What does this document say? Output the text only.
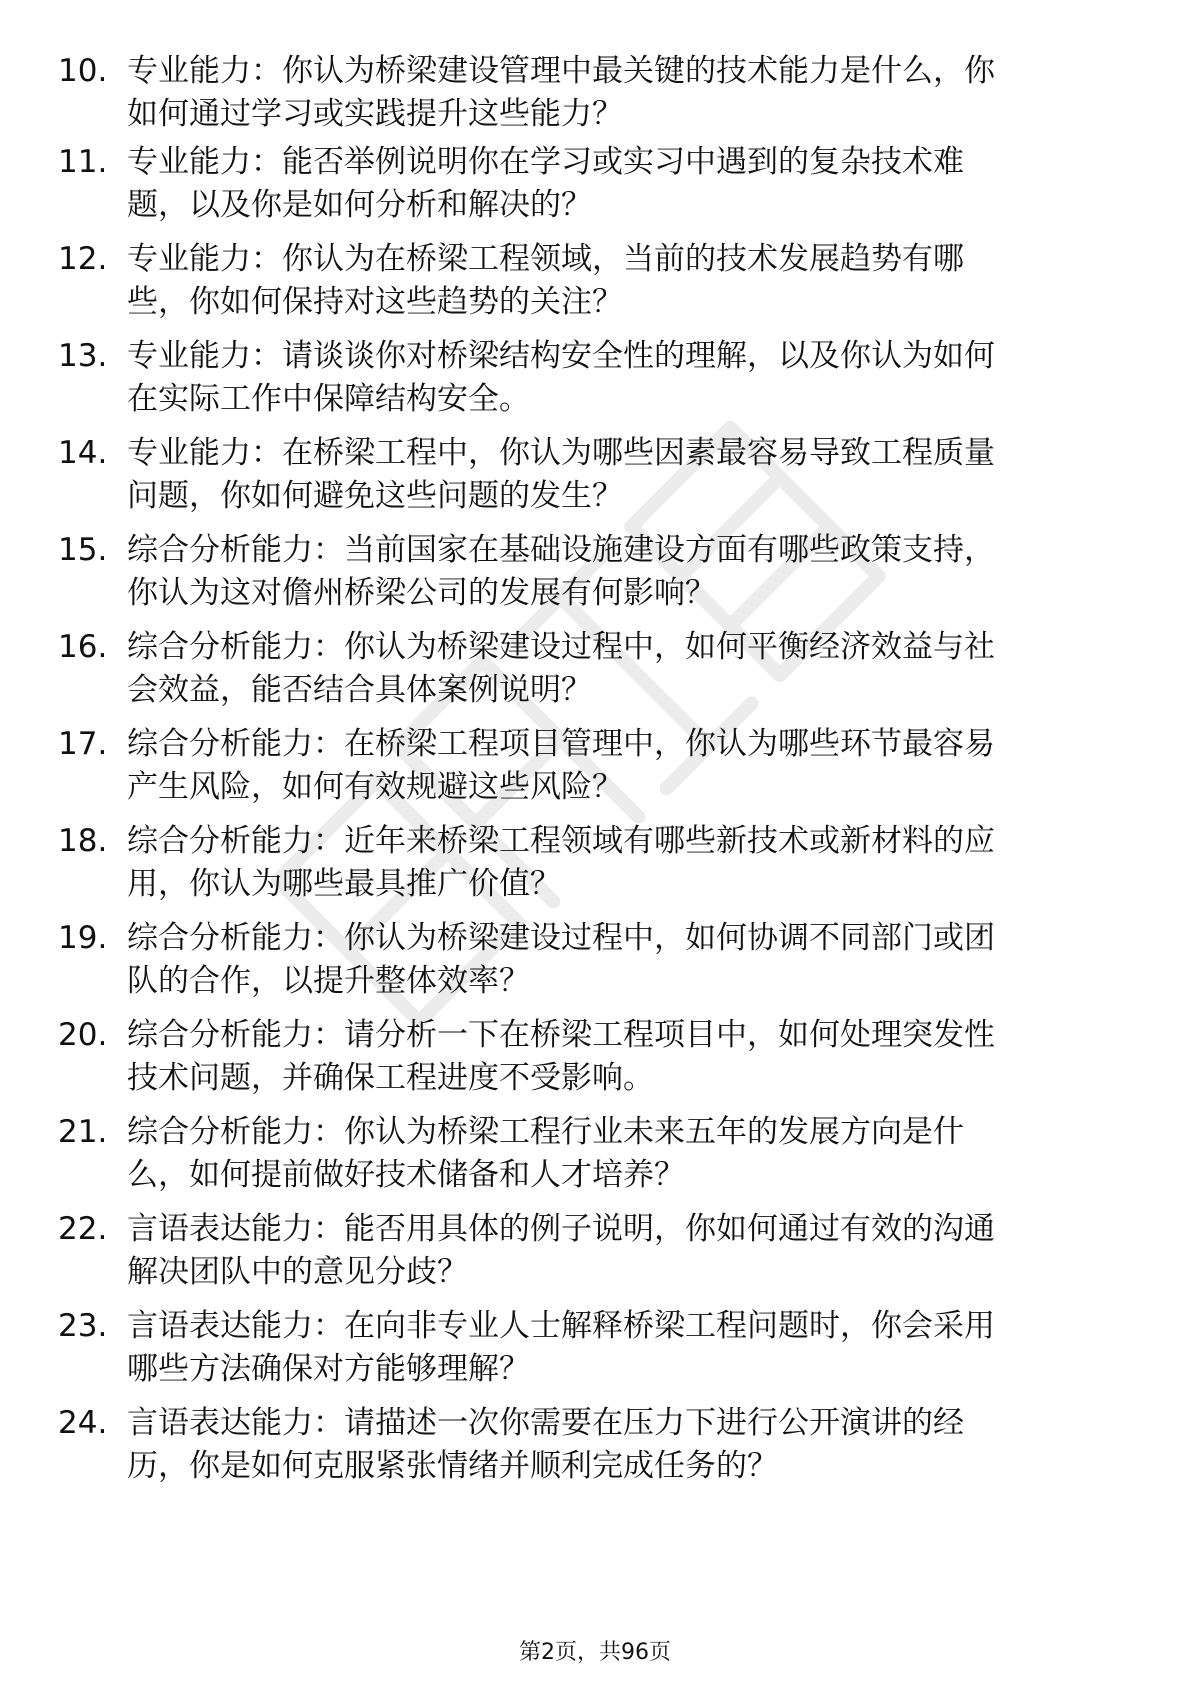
10. 专业能力：你认为桥梁建设管理中最关键的技术能力是什么，你
如何通过学习或实践提升这些能力？
11. 专业能力：能否举例说明你在学习或实习中遇到的复杂技术难
题，以及你是如何分析和解决的？
12. 专业能力：你认为在桥梁工程领域，当前的技术发展趋势有哪
些，你如何保持对这些趋势的关注？
13. 专业能力：请谈谈你对桥梁结构安全性的理解，以及你认为如何
在实际工作中保障结构安全。
14. 专业能力：在桥梁工程中，你认为哪些因素最容易导致工程质量
问题，你如何避免这些问题的发生？
15. 综合分析能力：当前国家在基础设施建设方面有哪些政策支持，
你认为这对儋州桥梁公司的发展有何影响？
16. 综合分析能力：你认为桥梁建设过程中，如何平衡经济效益与社
会效益，能否结合具体案例说明？
17. 综合分析能力：在桥梁工程项目管理中，你认为哪些环节最容易
产生风险，如何有效规避这些风险？
18. 综合分析能力：近年来桥梁工程领域有哪些新技术或新材料的应
用，你认为哪些最具推广价值？
19. 综合分析能力：你认为桥梁建设过程中，如何协调不同部门或团
队的合作，以提升整体效率？
20. 综合分析能力：请分析一下在桥梁工程项目中，如何处理突发性
技术问题，并确保工程进度不受影响。
21. 综合分析能力：你认为桥梁工程行业未来五年的发展方向是什
么，如何提前做好技术储备和人才培养？
22. 言语表达能力：能否用具体的例子说明，你如何通过有效的沟通
解决团队中的意见分歧？
23. 言语表达能力：在向非专业人士解释桥梁工程问题时，你会采用
哪些方法确保对方能够理解？
24. 言语表达能力：请描述一次你需要在压力下进行公开演讲的经
历，你是如何克服紧张情绪并顺利完成任务的？
第2页，共96页
